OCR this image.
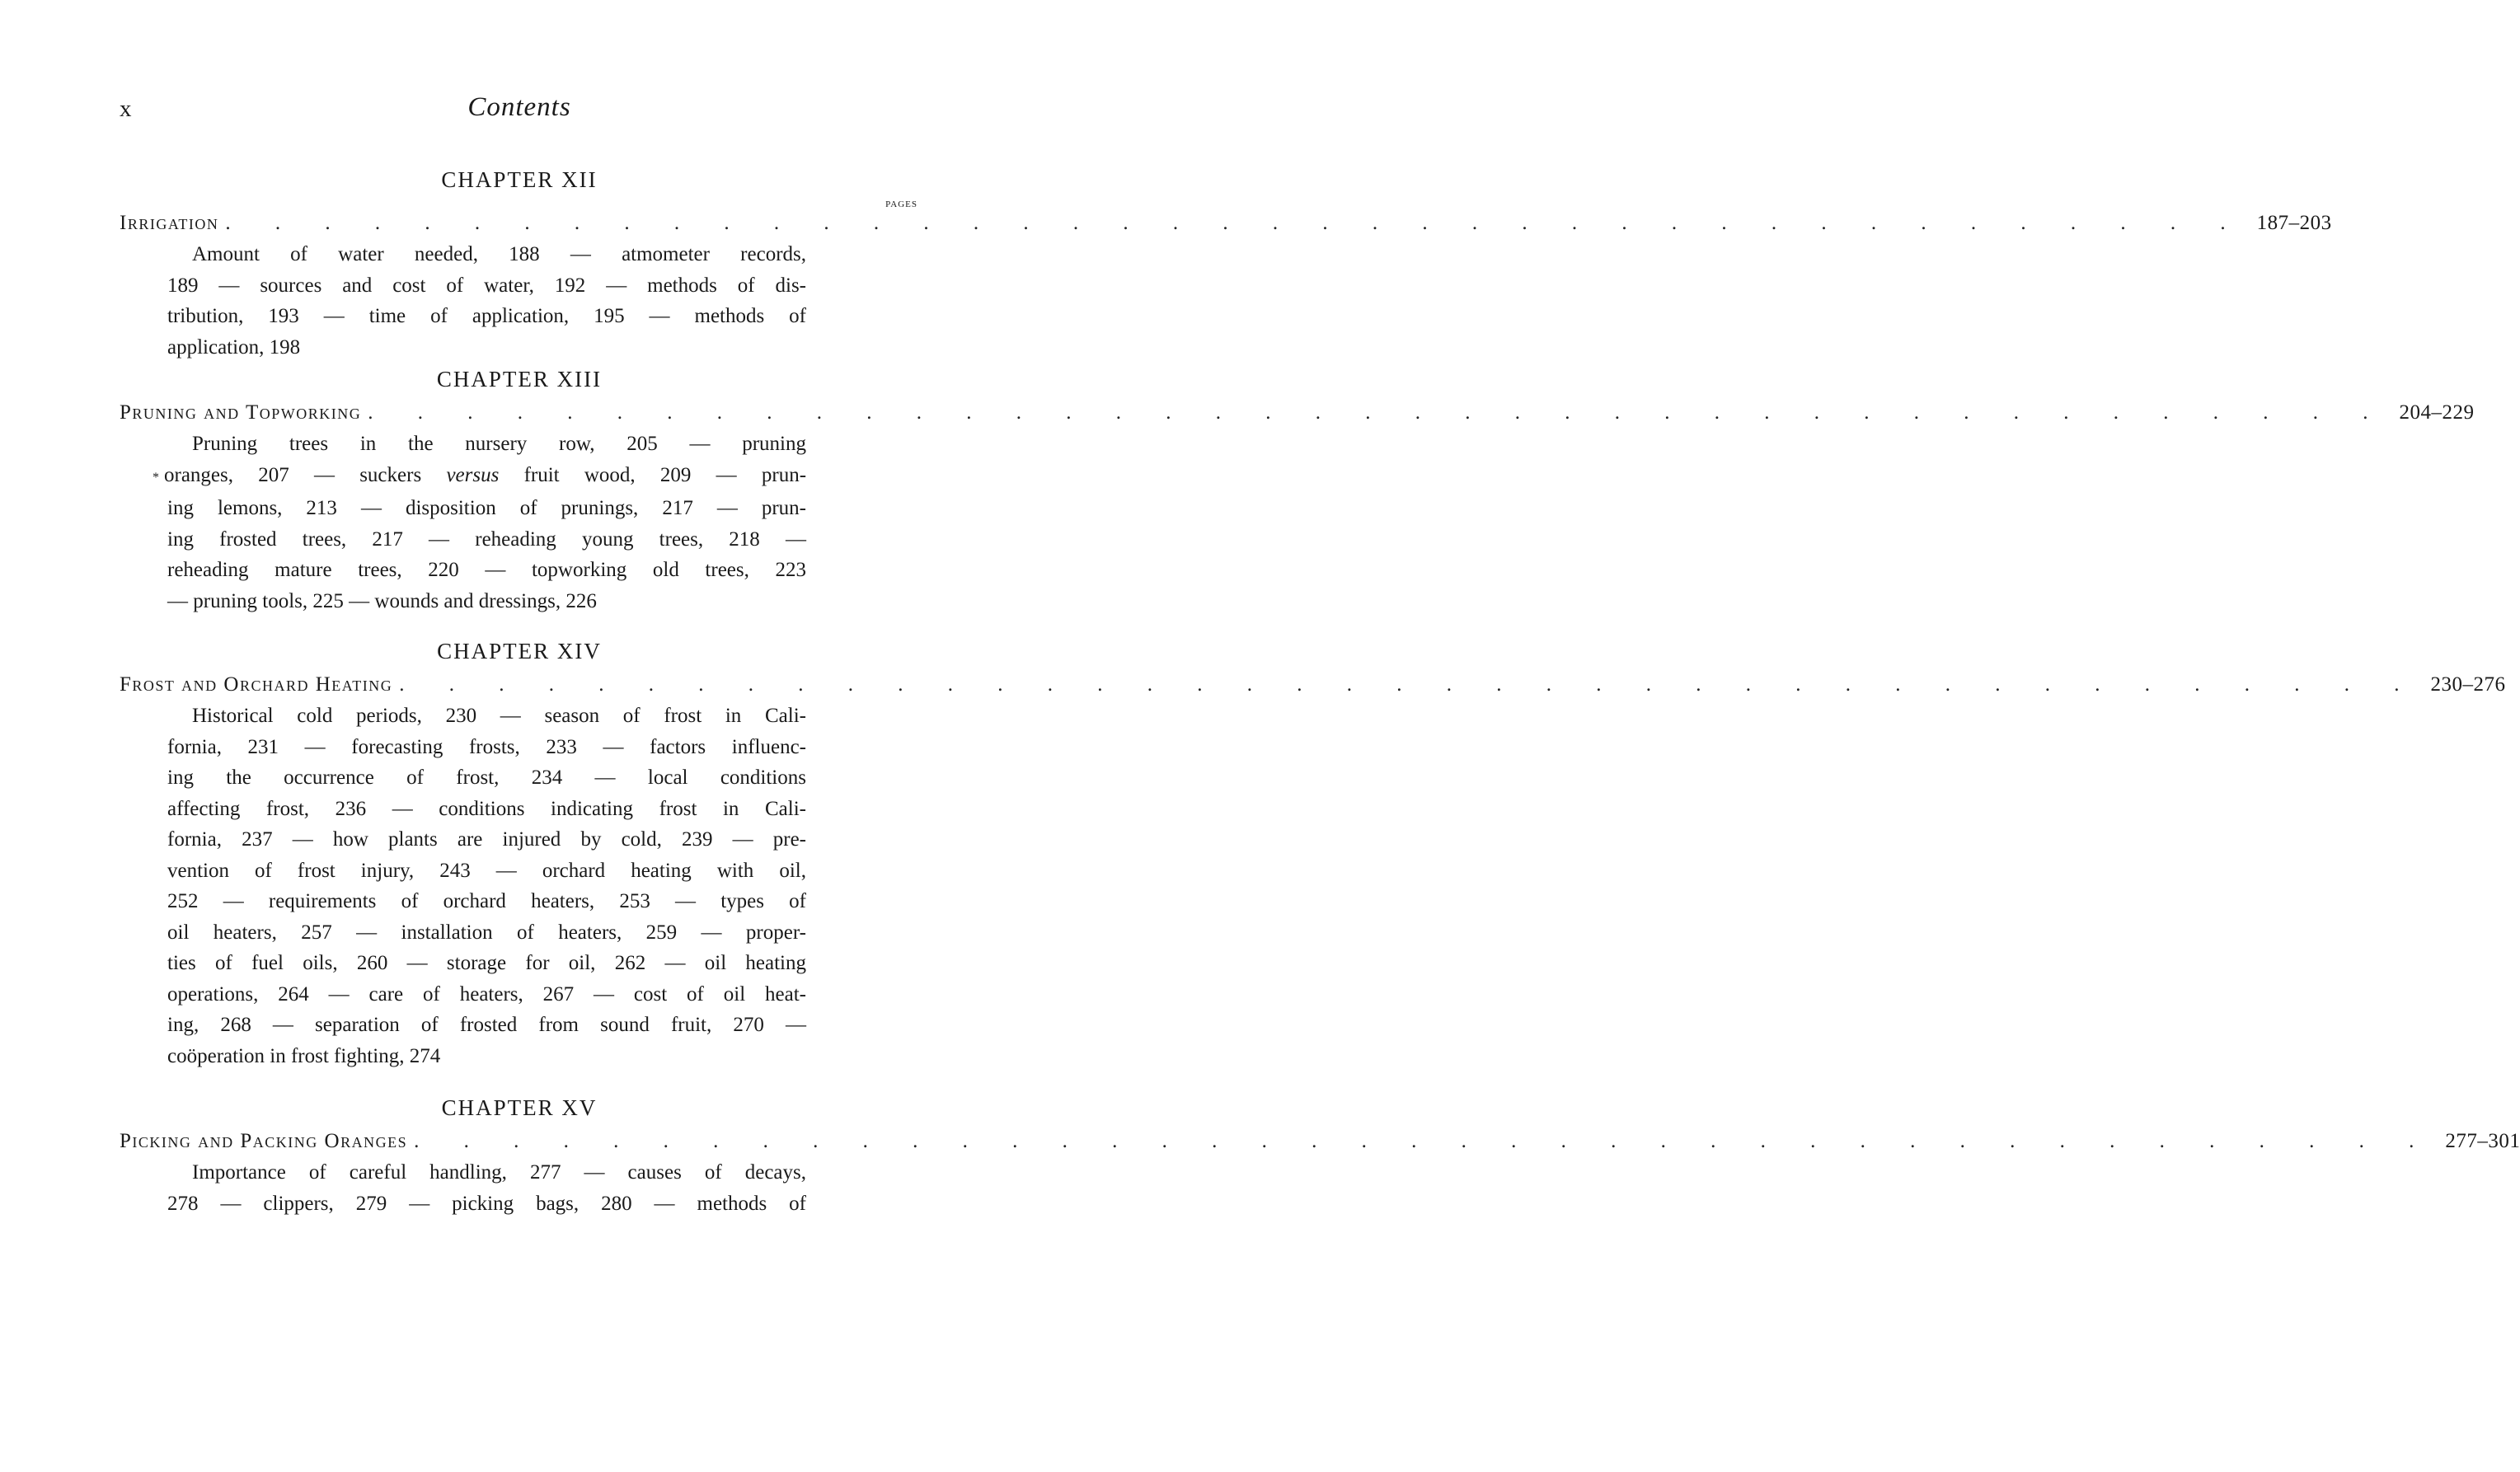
x	Contents
CHAPTER XII
PAGES
Irrigation . . . . . . . . . . . . . . . . . . . . . . . . . . . . . . . . . . . . . . . . . 187–203
Amount of water needed, 188 — atmometer records,
189 — sources and cost of water, 192 — methods of dis-
tribution, 193 — time of application, 195 — methods of
application, 198
CHAPTER XIII
Pruning and Topworking . . . . . . . . . . . . . . . . . . . . . . . . . . . . . . . . . . . . . . . . . 204–229
Pruning trees in the nursery row, 205 — pruning
* oranges, 207 — suckers versus fruit wood, 209 — prun-
ing lemons, 213 — disposition of prunings, 217 — prun-
ing frosted trees, 217 — reheading young trees, 218 —
reheading mature trees, 220 — topworking old trees, 223
— pruning tools, 225 — wounds and dressings, 226
CHAPTER XIV
Frost and Orchard Heating . . . . . . . . . . . . . . . . . . . . . . . . . . . . . . . . . . . . . . . . . 230–276
Historical cold periods, 230 — season of frost in Cali-
fornia, 231 — forecasting frosts, 233 — factors influenc-
ing the occurrence of frost, 234 — local conditions
affecting frost, 236 — conditions indicating frost in Cali-
fornia, 237 — how plants are injured by cold, 239 — pre-
vention of frost injury, 243 — orchard heating with oil,
252 — requirements of orchard heaters, 253 — types of
oil heaters, 257 — installation of heaters, 259 — proper-
ties of fuel oils, 260 — storage for oil, 262 — oil heating
operations, 264 — care of heaters, 267 — cost of oil heat-
ing, 268 — separation of frosted from sound fruit, 270 —
coöperation in frost fighting, 274
CHAPTER XV
Picking and Packing Oranges . . . . . . . . . . . . . . . . . . . . . . . . . . . . . . . . . . . . . . . . . 277–301
Importance of careful handling, 277 — causes of decays,
278 — clippers, 279 — picking bags, 280 — methods of
